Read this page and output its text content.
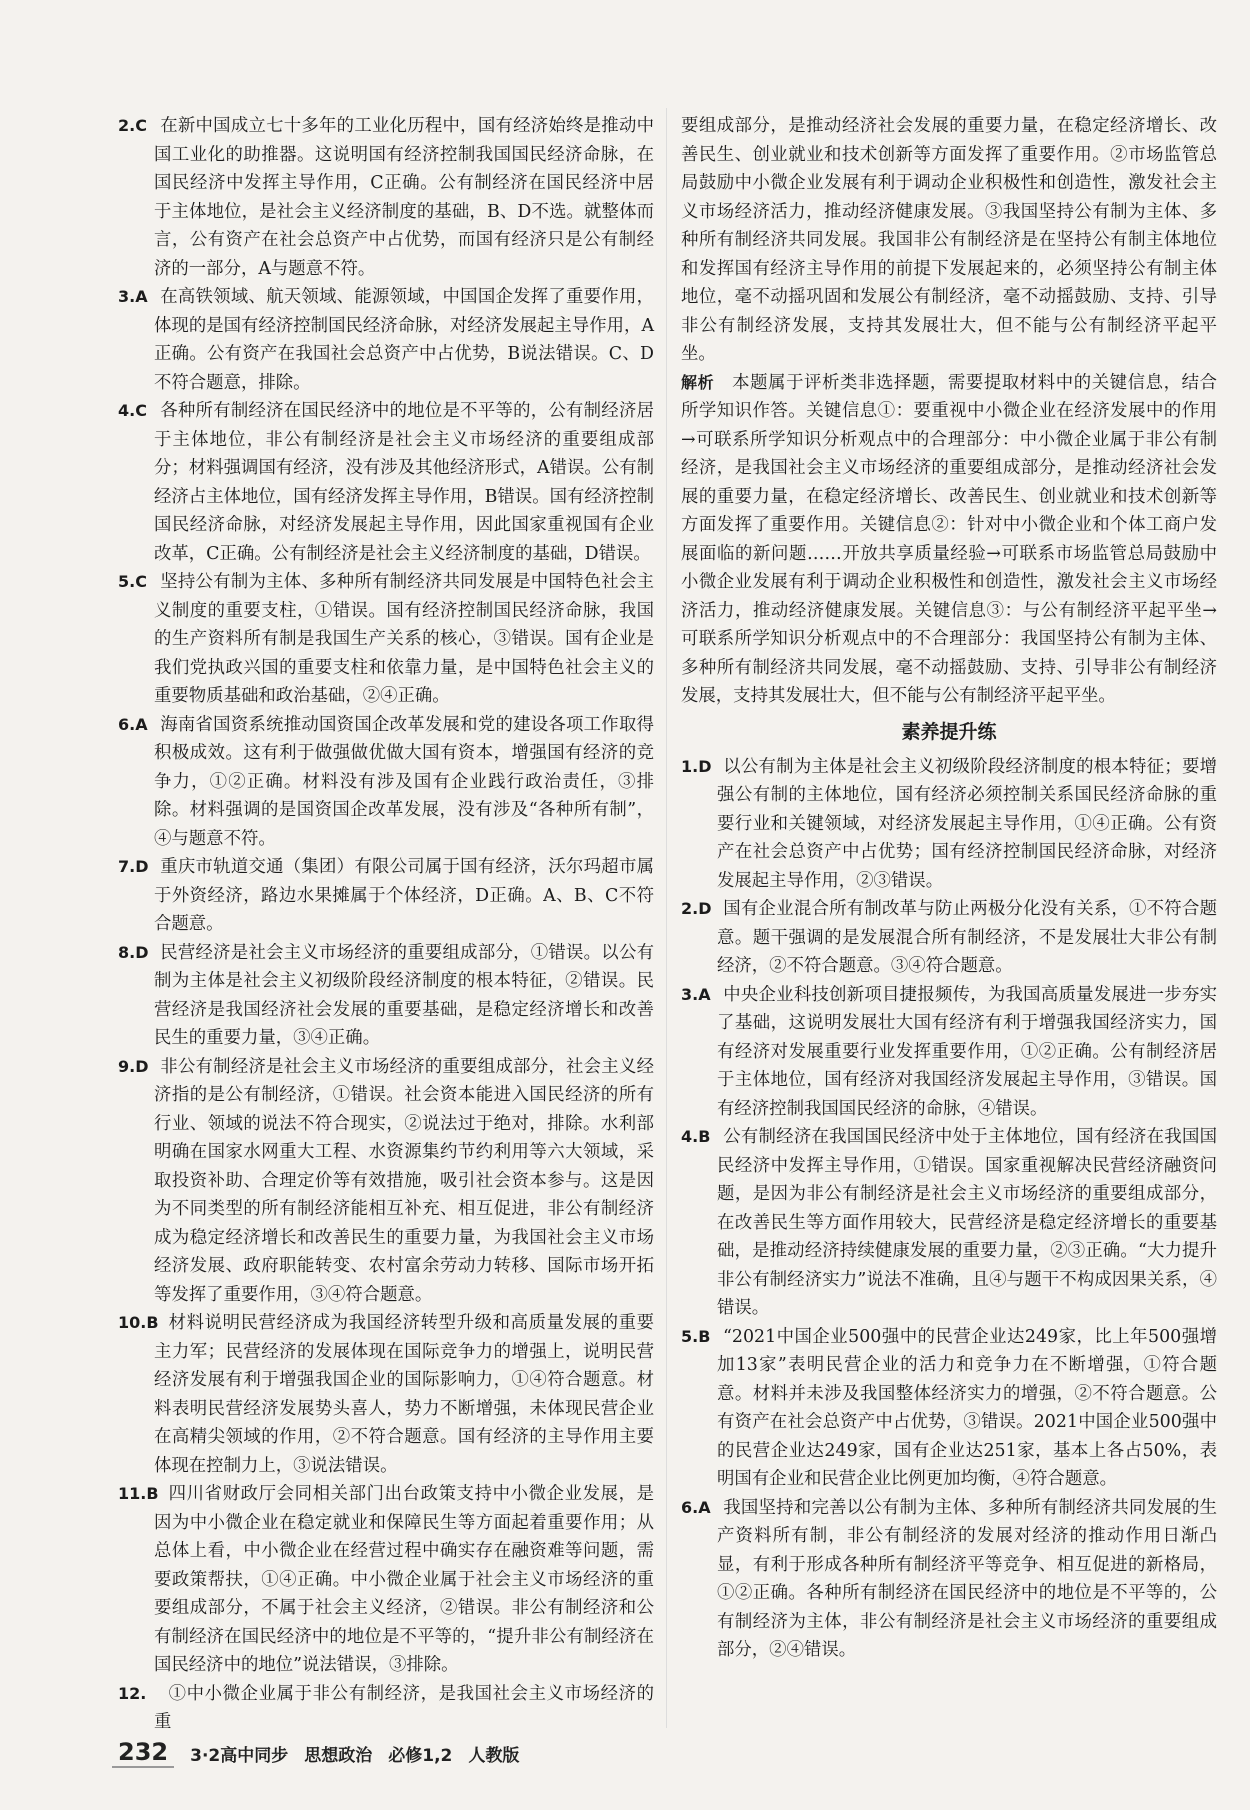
2.C 在新中国成立七十多年的工业化历程中，国有经济始终是推动中国工业化的助推器。这说明国有经济控制我国国民经济命脉，在国民经济中发挥主导作用，C正确。公有制经济在国民经济中居于主体地位，是社会主义经济制度的基础，B、D不选。就整体而言，公有资产在社会总资产中占优势，而国有经济只是公有制经济的一部分，A与题意不符。

3.A 在高铁领域、航天领域、能源领域，中国国企发挥了重要作用，体现的是国有经济控制国民经济命脉，对经济发展起主导作用，A正确。公有资产在我国社会总资产中占优势，B说法错误。C、D不符合题意，排除。

4.C 各种所有制经济在国民经济中的地位是不平等的，公有制经济居于主体地位，非公有制经济是社会主义市场经济的重要组成部分；材料强调国有经济，没有涉及其他经济形式，A错误。公有制经济占主体地位，国有经济发挥主导作用，B错误。国有经济控制国民经济命脉，对经济发展起主导作用，因此国家重视国有企业改革，C正确。公有制经济是社会主义经济制度的基础，D错误。

5.C 坚持公有制为主体、多种所有制经济共同发展是中国特色社会主义制度的重要支柱，①错误。国有经济控制国民经济命脉，我国的生产资料所有制是我国生产关系的核心，③错误。国有企业是我们党执政兴国的重要支柱和依靠力量，是中国特色社会主义的重要物质基础和政治基础，②④正确。

6.A 海南省国资系统推动国资国企改革发展和党的建设各项工作取得积极成效。这有利于做强做优做大国有资本，增强国有经济的竞争力，①②正确。材料没有涉及国有企业践行政治责任，③排除。材料强调的是国资国企改革发展，没有涉及“各种所有制”，④与题意不符。

7.D 重庆市轨道交通（集团）有限公司属于国有经济，沃尔玛超市属于外资经济，路边水果摊属于个体经济，D正确。A、B、C不符合题意。

8.D 民营经济是社会主义市场经济的重要组成部分，①错误。以公有制为主体是社会主义初级阶段经济制度的根本特征，②错误。民营经济是我国经济社会发展的重要基础，是稳定经济增长和改善民生的重要力量，③④正确。

9.D 非公有制经济是社会主义市场经济的重要组成部分，社会主义经济指的是公有制经济，①错误。社会资本能进入国民经济的所有行业、领域的说法不符合现实，②说法过于绝对，排除。水利部明确在国家水网重大工程、水资源集约节约利用等六大领域，采取投资补助、合理定价等有效措施，吸引社会资本参与。这是因为不同类型的所有制经济能相互补充、相互促进，非公有制经济成为稳定经济增长和改善民生的重要力量，为我国社会主义市场经济发展、政府职能转变、农村富余劳动力转移、国际市场开拓等发挥了重要作用，③④符合题意。

10.B 材料说明民营经济成为我国经济转型升级和高质量发展的重要主力军；民营经济的发展体现在国际竞争力的增强上，说明民营经济发展有利于增强我国企业的国际影响力，①④符合题意。材料表明民营经济发展势头喜人，势力不断增强，未体现民营企业在高精尖领域的作用，②不符合题意。国有经济的主导作用主要体现在控制力上，③说法错误。

11.B 四川省财政厅会同相关部门出台政策支持中小微企业发展，是因为中小微企业在稳定就业和保障民生等方面起着重要作用；从总体上看，中小微企业在经营过程中确实存在融资难等问题，需要政策帮扶，①④正确。中小微企业属于社会主义市场经济的重要组成部分，不属于社会主义经济，②错误。非公有制经济和公有制经济在国民经济中的地位是不平等的，“提升非公有制经济在国民经济中的地位”说法错误，③排除。

12. ①中小微企业属于非公有制经济，是我国社会主义市场经济的重

要组成部分，是推动经济社会发展的重要力量，在稳定经济增长、改善民生、创业就业和技术创新等方面发挥了重要作用。②市场监管总局鼓励中小微企业发展有利于调动企业积极性和创造性，激发社会主义市场经济活力，推动经济健康发展。③我国坚持公有制为主体、多种所有制经济共同发展。我国非公有制经济是在坚持公有制主体地位和发挥国有经济主导作用的前提下发展起来的，必须坚持公有制主体地位，毫不动摇巩固和发展公有制经济，毫不动摇鼓励、支持、引导非公有制经济发展，支持其发展壮大，但不能与公有制经济平起平坐。

解析　 本题属于评析类非选择题，需要提取材料中的关键信息，结合所学知识作答。关键信息①：要重视中小微企业在经济发展中的作用→可联系所学知识分析观点中的合理部分：中小微企业属于非公有制经济，是我国社会主义市场经济的重要组成部分，是推动经济社会发展的重要力量，在稳定经济增长、改善民生、创业就业和技术创新等方面发挥了重要作用。关键信息②：针对中小微企业和个体工商户发展面临的新问题……开放共享质量经验→可联系市场监管总局鼓励中小微企业发展有利于调动企业积极性和创造性，激发社会主义市场经济活力，推动经济健康发展。关键信息③：与公有制经济平起平坐→可联系所学知识分析观点中的不合理部分：我国坚持公有制为主体、多种所有制经济共同发展，毫不动摇鼓励、支持、引导非公有制经济发展，支持其发展壮大，但不能与公有制经济平起平坐。

素养提升练

1.D 以公有制为主体是社会主义初级阶段经济制度的根本特征；要增强公有制的主体地位，国有经济必须控制关系国民经济命脉的重要行业和关键领域，对经济发展起主导作用，①④正确。公有资产在社会总资产中占优势；国有经济控制国民经济命脉，对经济发展起主导作用，②③错误。

2.D 国有企业混合所有制改革与防止两极分化没有关系，①不符合题意。题干强调的是发展混合所有制经济，不是发展壮大非公有制经济，②不符合题意。③④符合题意。

3.A 中央企业科技创新项目捷报频传，为我国高质量发展进一步夯实了基础，这说明发展壮大国有经济有利于增强我国经济实力，国有经济对发展重要行业发挥重要作用，①②正确。公有制经济居于主体地位，国有经济对我国经济发展起主导作用，③错误。国有经济控制我国国民经济的命脉，④错误。

4.B 公有制经济在我国国民经济中处于主体地位，国有经济在我国国民经济中发挥主导作用，①错误。国家重视解决民营经济融资问题，是因为非公有制经济是社会主义市场经济的重要组成部分，在改善民生等方面作用较大，民营经济是稳定经济增长的重要基础，是推动经济持续健康发展的重要力量，②③正确。“大力提升非公有制经济实力”说法不准确，且④与题干不构成因果关系，④错误。

5.B “2021中国企业500强中的民营企业达249家，比上年500强增加13家”表明民营企业的活力和竞争力在不断增强，①符合题意。材料并未涉及我国整体经济实力的增强，②不符合题意。公有资产在社会总资产中占优势，③错误。2021中国企业500强中的民营企业达249家，国有企业达251家，基本上各占50%，表明国有企业和民营企业比例更加均衡，④符合题意。

6.A 我国坚持和完善以公有制为主体、多种所有制经济共同发展的生产资料所有制，非公有制经济的发展对经济的推动作用日渐凸显，有利于形成各种所有制经济平等竞争、相互促进的新格局，①②正确。各种所有制经济在国民经济中的地位是不平等的，公有制经济为主体，非公有制经济是社会主义市场经济的重要组成部分，②④错误。

232	3·2高中同步 思想政治 必修1,2 人教版
